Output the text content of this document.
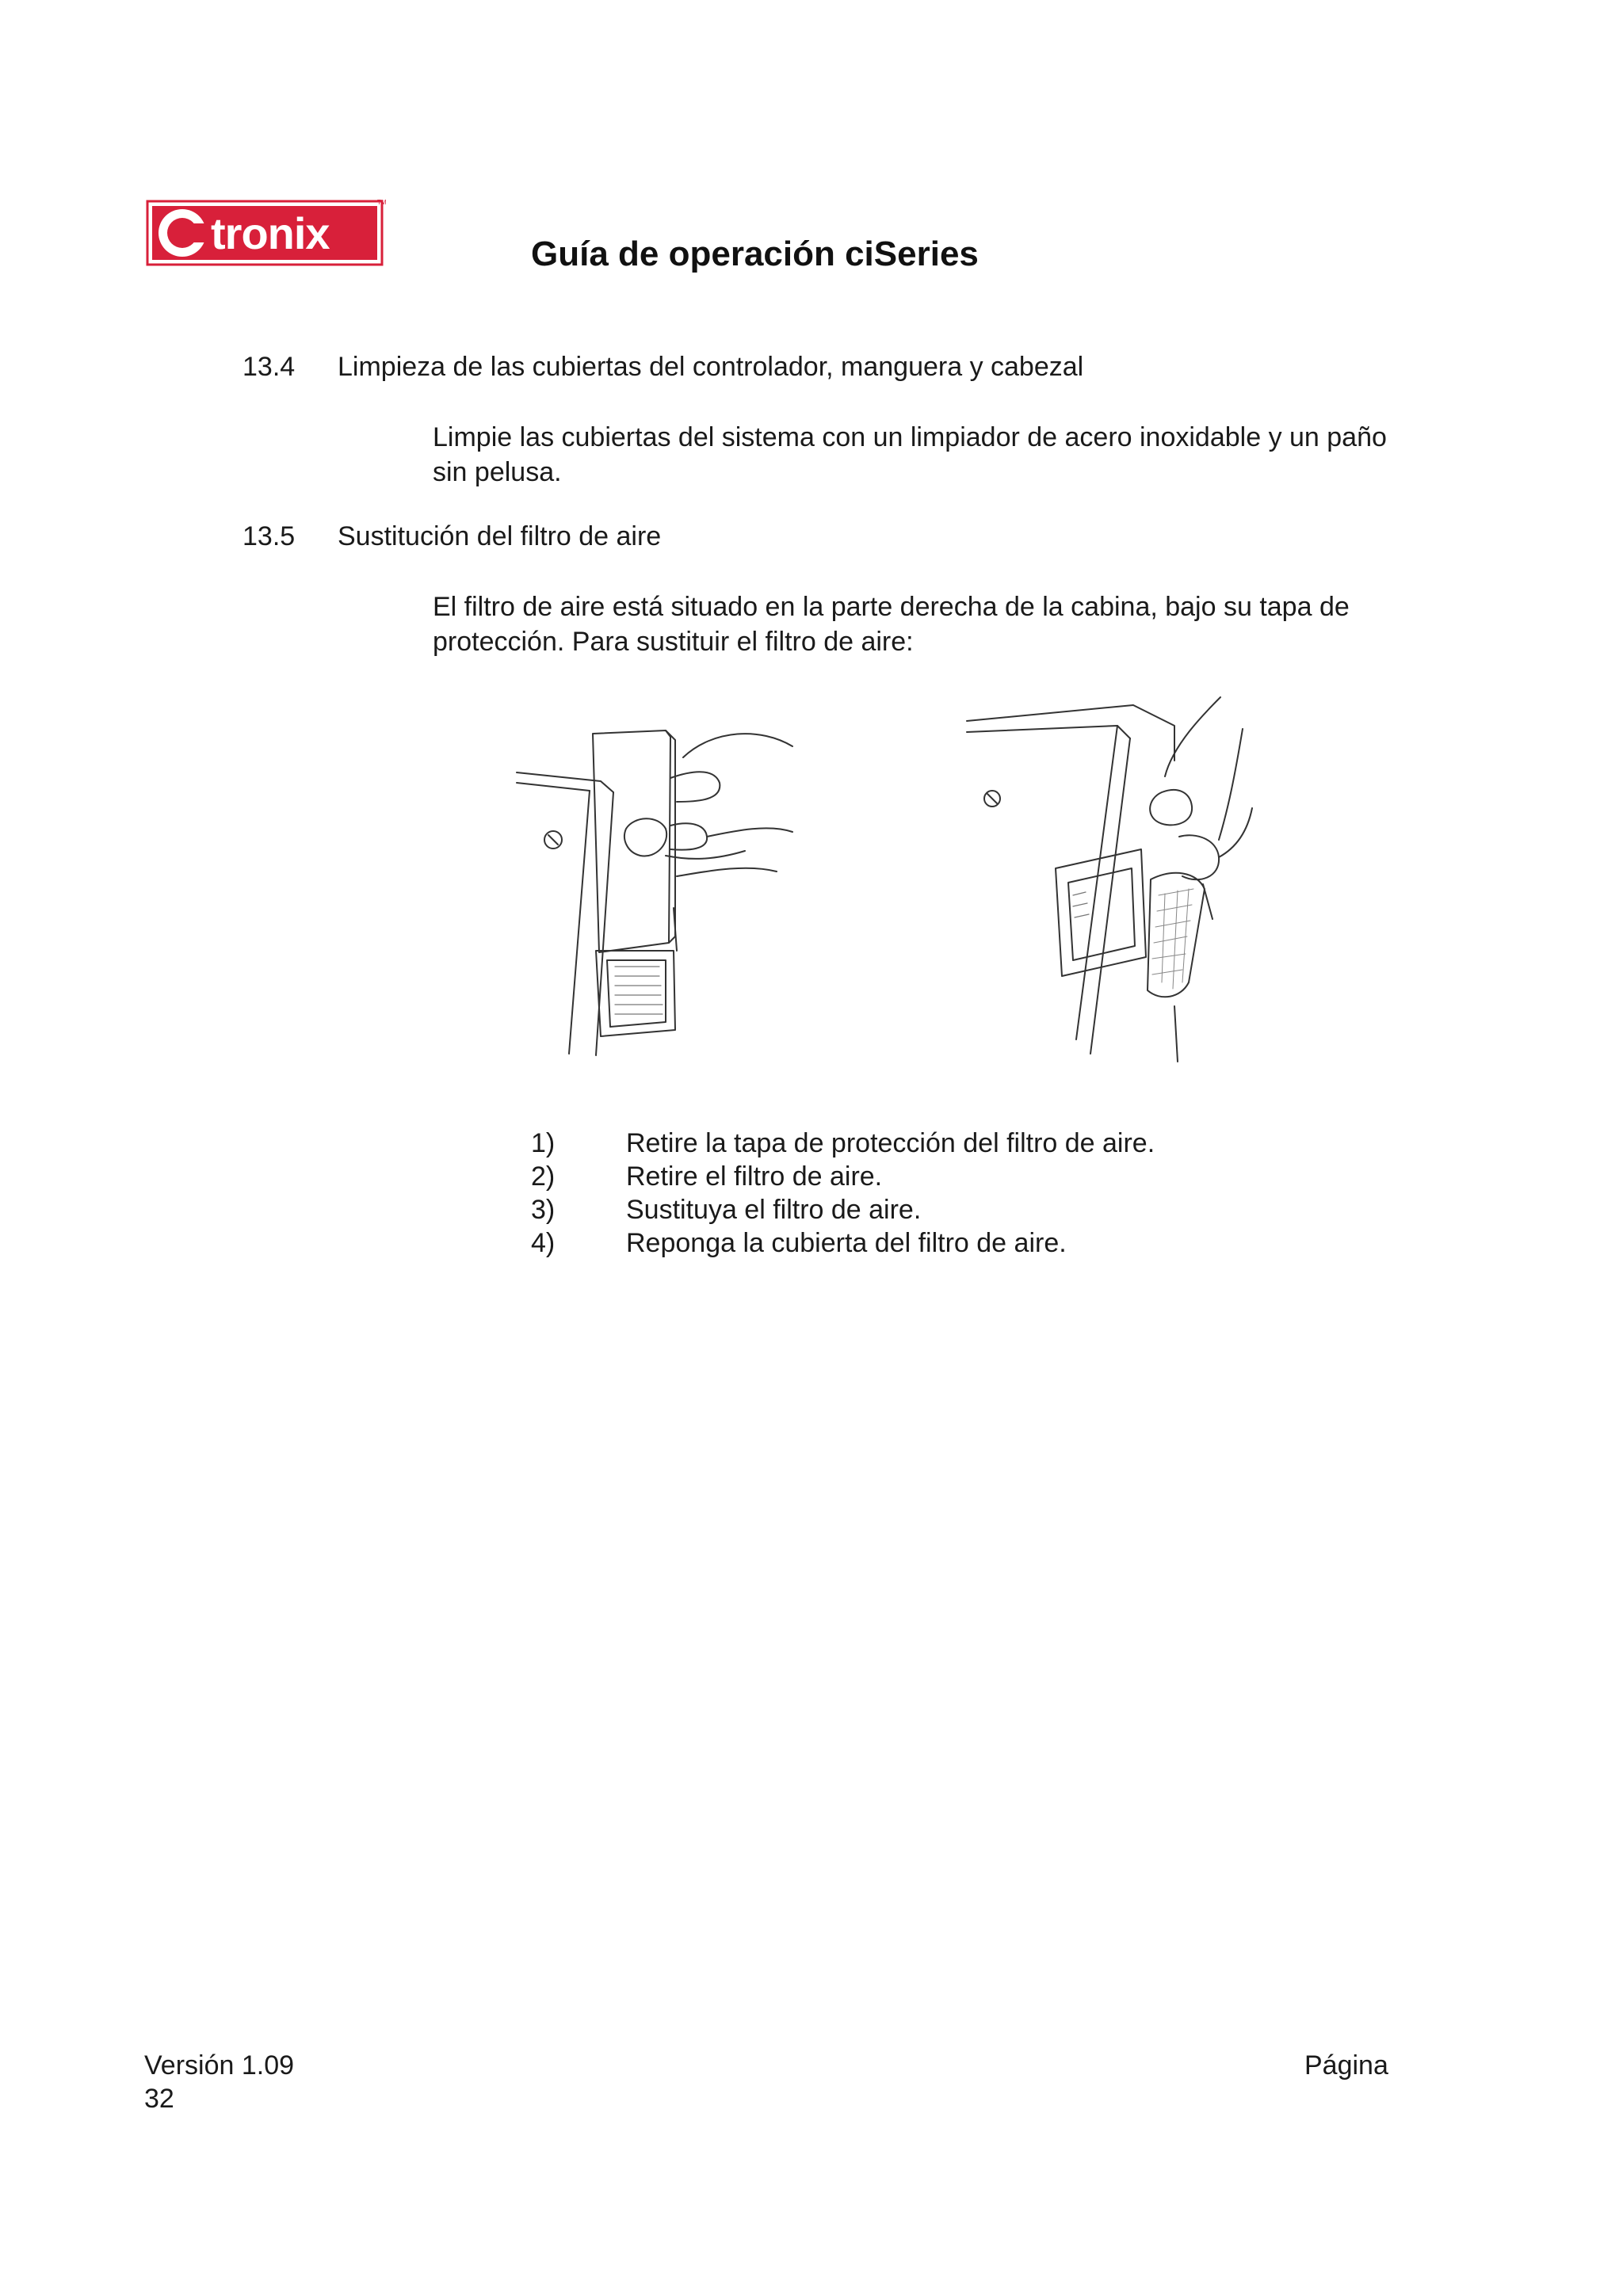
tronix
TM
Guía de operación ciSeries
13.4 Limpieza de las cubiertas del controlador, manguera y cabezal
Limpie las cubiertas del sistema con un limpiador de acero inoxidable y un paño
sin pelusa.
13.5 Sustitución del filtro de aire
El filtro de aire está situado en la parte derecha de la cabina, bajo su tapa de
protección. Para sustituir el filtro de aire:
1)	Retire la tapa de protección del filtro de aire.
2)	Retire el filtro de aire.
3)	Sustituya el filtro de aire.
4)	Reponga la cubierta del filtro de aire.
Versión 1.09	Página
32
